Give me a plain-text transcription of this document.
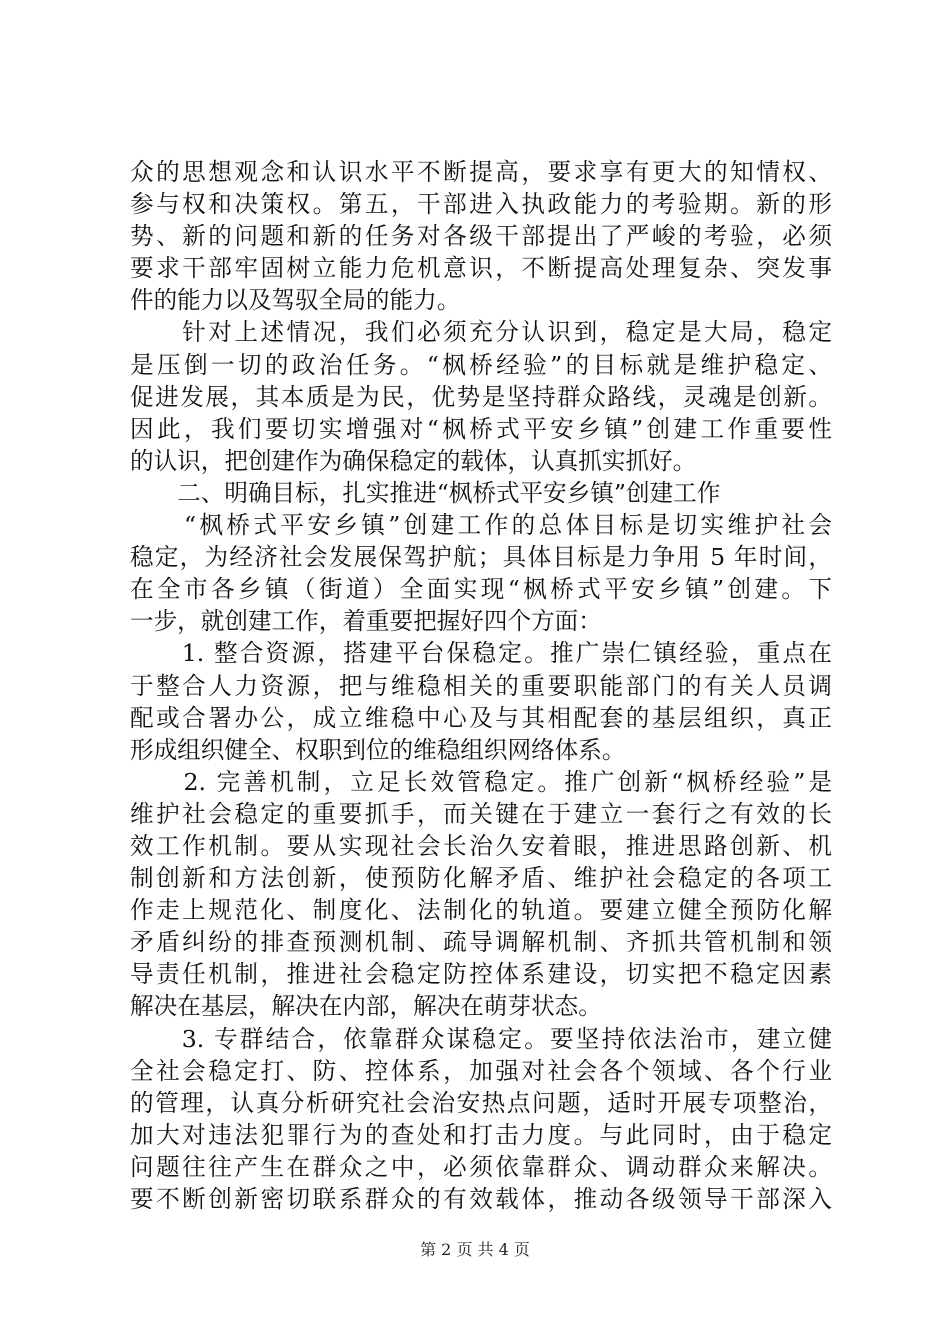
众的思想观念和认识水平不断提高，要求享有更大的知情权、
参与权和决策权。第五，干部进入执政能力的考验期。新的形
势、新的问题和新的任务对各级干部提出了严峻的考验，必须
要求干部牢固树立能力危机意识，不断提高处理复杂、突发事
件的能力以及驾驭全局的能力。
　　针对上述情况，我们必须充分认识到，稳定是大局，稳定
是压倒一切的政治任务。“枫桥经验”的目标就是维护稳定、
促进发展，其本质是为民，优势是坚持群众路线，灵魂是创新。
因此，我们要切实增强对“枫桥式平安乡镇”创建工作重要性
的认识，把创建作为确保稳定的载体，认真抓实抓好。
　　二、明确目标，扎实推进“枫桥式平安乡镇”创建工作
　　“枫桥式平安乡镇”创建工作的总体目标是切实维护社会
稳定，为经济社会发展保驾护航；具体目标是力争用 5 年时间，
在全市各乡镇（街道）全面实现“枫桥式平安乡镇”创建。下
一步，就创建工作，着重要把握好四个方面：
　　1. 整合资源，搭建平台保稳定。推广崇仁镇经验，重点在
于整合人力资源，把与维稳相关的重要职能部门的有关人员调
配或合署办公，成立维稳中心及与其相配套的基层组织，真正
形成组织健全、权职到位的维稳组织网络体系。
　　2. 完善机制，立足长效管稳定。推广创新“枫桥经验”是
维护社会稳定的重要抓手，而关键在于建立一套行之有效的长
效工作机制。要从实现社会长治久安着眼，推进思路创新、机
制创新和方法创新，使预防化解矛盾、维护社会稳定的各项工
作走上规范化、制度化、法制化的轨道。要建立健全预防化解
矛盾纠纷的排查预测机制、疏导调解机制、齐抓共管机制和领
导责任机制，推进社会稳定防控体系建设，切实把不稳定因素
解决在基层，解决在内部，解决在萌芽状态。
　　3. 专群结合，依靠群众谋稳定。要坚持依法治市，建立健
全社会稳定打、防、控体系，加强对社会各个领域、各个行业
的管理，认真分析研究社会治安热点问题，适时开展专项整治，
加大对违法犯罪行为的查处和打击力度。与此同时，由于稳定
问题往往产生在群众之中，必须依靠群众、调动群众来解决。
要不断创新密切联系群众的有效载体，推动各级领导干部深入
第 2 页 共 4 页
